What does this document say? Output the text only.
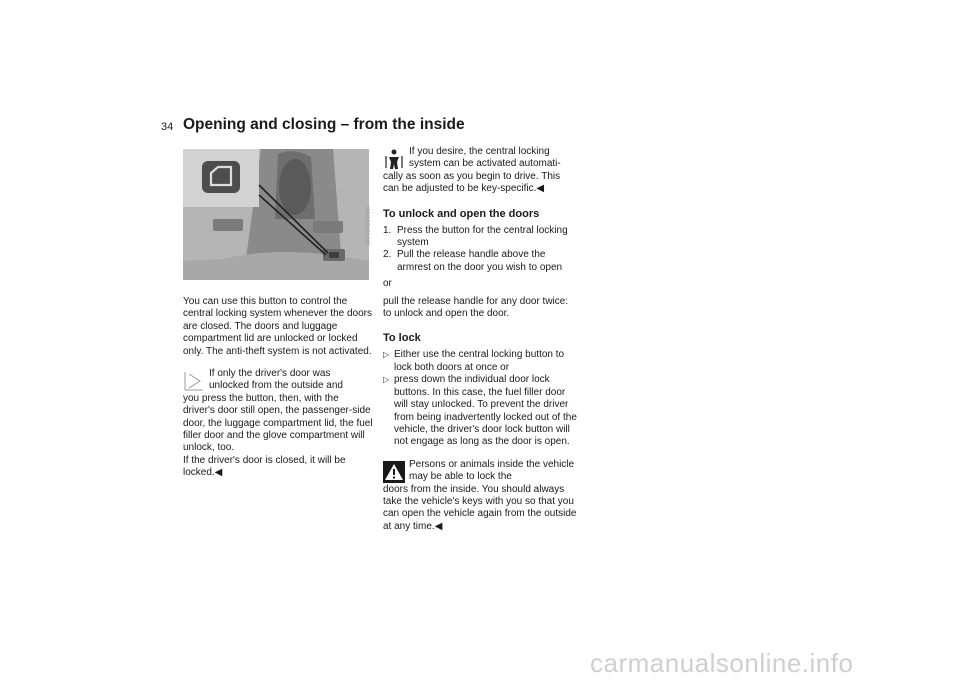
34 Opening and closing – from the inside
MV03499CMA

You can use this button to control the central locking system whenever the doors are closed. The doors and luggage compartment lid are unlocked or locked only. The anti-theft system is not activated.

If only the driver's door was unlocked from the outside and

you press the button, then, with the driver's door still open, the passenger-side door, the luggage compartment lid, the fuel filler door and the glove compartment will unlock, too.

If the driver's door is closed, it will be locked.◀

If you desire, the central locking system can be activated automati-

cally as soon as you begin to drive. This can be adjusted to be key-specific.◀

To unlock and open the doors
1. Press the button for the central locking system
2. Pull the release handle above the armrest on the door you wish to open

or

pull the release handle for any door twice: to unlock and open the door.

To lock
▷ Either use the central locking button to lock both doors at once or
▷ press down the individual door lock buttons. In this case, the fuel filler door will stay unlocked. To prevent the driver from being inadvertently locked out of the vehicle, the driver's door lock button will not engage as long as the door is open.

Persons or animals inside the vehicle may be able to lock the

doors from the inside. You should always take the vehicle's keys with you so that you can open the vehicle again from the outside at any time.◀

carmanualsonline.info
